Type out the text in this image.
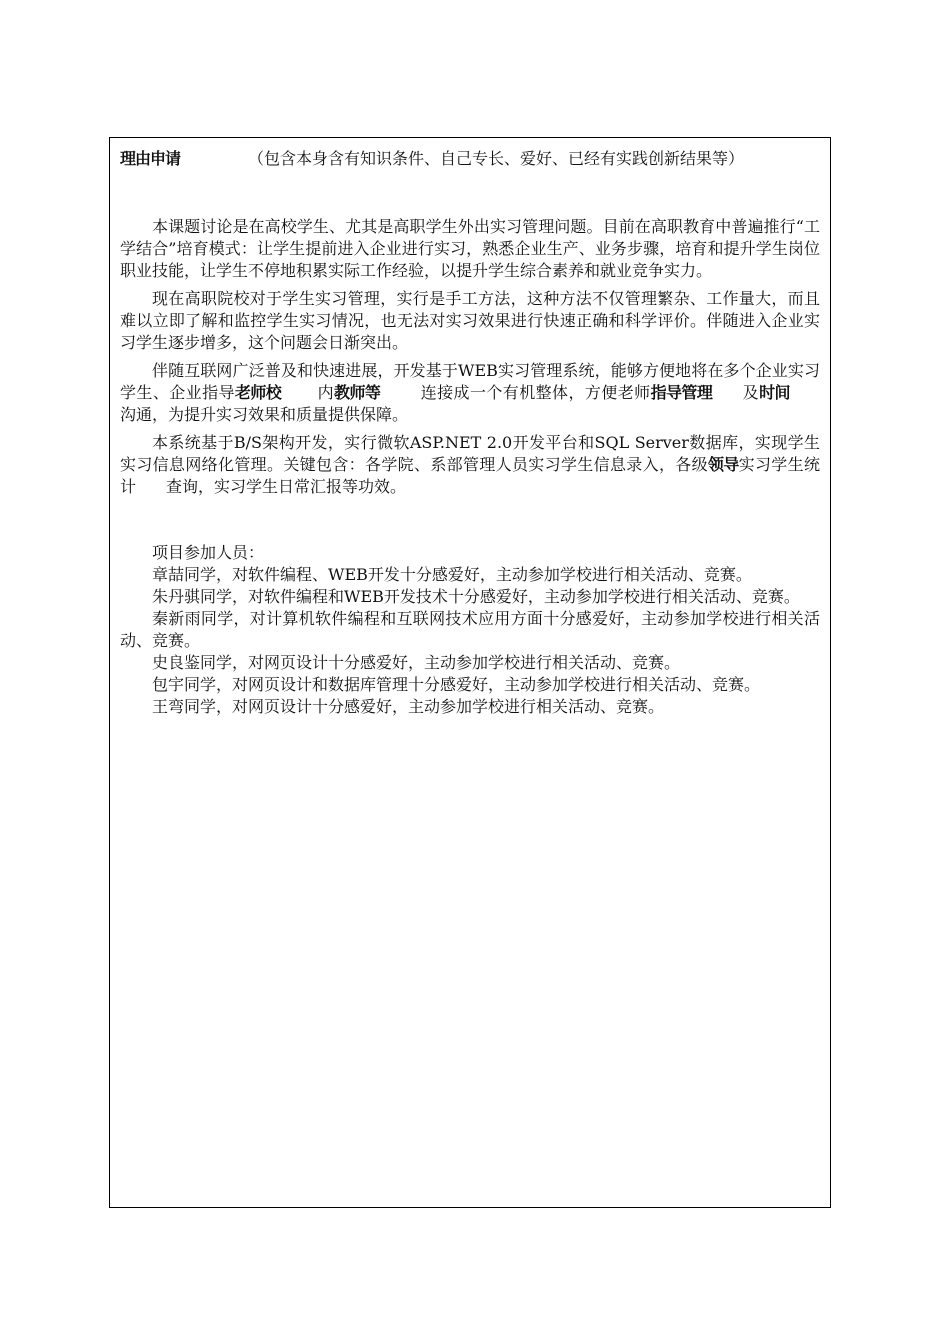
理由申请	（包含本身含有知识条件、自己专长、爱好、已经有实践创新结果等）

本课题讨论是在高校学生、尤其是高职学生外出实习管理问题。目前在高职教育中普遍推行“工学结合”培育模式：让学生提前进入企业进行实习，熟悉企业生产、业务步骤，培育和提升学生岗位职业技能，让学生不停地积累实际工作经验，以提升学生综合素养和就业竞争实力。

现在高职院校对于学生实习管理，实行是手工方法，这种方法不仅管理繁杂、工作量大，而且难以立即了解和监控学生实习情况，也无法对实习效果进行快速正确和科学评价。伴随进入企业实习学生逐步增多，这个问题会日渐突出。

伴随互联网广泛普及和快速进展，开发基于WEB实习管理系统，能够方便地将在多个企业实习学生、企业指导老师校 内教师等	连接成一个有机整体，方便老师指导管理 及时间沟通，为提升实习效果和质量提供保障。

本系统基于B/S架构开发，实行微软ASP.NET 2.0开发平台和SQL Server数据库，实现学生实习信息网络化管理。关键包含：各学院、系部管理人员实习学生信息录入，各级领导实习学生统计 查询，实习学生日常汇报等功效。

项目参加人员：

章喆同学，对软件编程、WEB开发十分感爱好，主动参加学校进行相关活动、竞赛。

朱丹骐同学，对软件编程和WEB开发技术十分感爱好，主动参加学校进行相关活动、竞赛。

秦新雨同学，对计算机软件编程和互联网技术应用方面十分感爱好，主动参加学校进行相关活动、竞赛。

史良鉴同学，对网页设计十分感爱好，主动参加学校进行相关活动、竞赛。

包宇同学，对网页设计和数据库管理十分感爱好，主动参加学校进行相关活动、竞赛。

王弯同学，对网页设计十分感爱好，主动参加学校进行相关活动、竞赛。
